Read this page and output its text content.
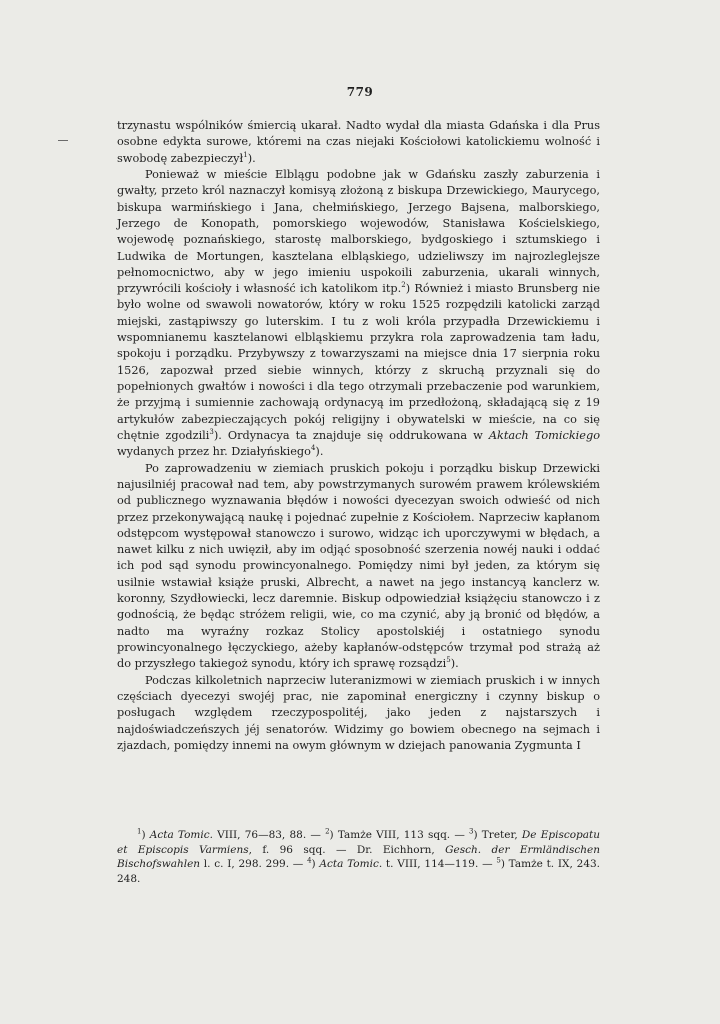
779

trzynastu wspólników śmiercią ukarał. Nadto wydał dla miasta Gdańska i dla Prus osobne edykta surowe, któremi na czas niejaki Kościołowi katolickiemu wolność i swobodę zabezpieczył$^1$).

Ponieważ w mieście Elblągu podobne jak w Gdańsku zaszły zaburzenia i gwałty, przeto król naznaczył komisyą złożoną z biskupa Drzewickiego, Maurycego, biskupa warmińskiego i Jana, chełmińskiego, Jerzego Bajsena, malborskiego, Jerzego de Konopath, pomorskiego wojewodów, Stanisława Kościelskiego, wojewodę poznańskiego, starostę malborskiego, bydgoskiego i sztumskiego i Ludwika de Mortungen, kasztelana elbląskiego, udzieliwszy im najrozleglejsze pełnomocnictwo, aby w jego imieniu uspokoili zaburzenia, ukarali winnych, przywrócili kościoły i własność ich katolikom itp.$^2$) Również i miasto Brunsberg nie było wolne od swawoli nowatorów, który w roku 1525 rozpędzili katolicki zarząd miejski, zastąpiwszy go luterskim. I tu z woli króla przypadła Drzewickiemu i wspomnianemu kasztelanowi elbląskiemu przykra rola zaprowadzenia tam ładu, spokoju i porządku. Przybywszy z towarzyszami na miejsce dnia 17 sierpnia roku 1526, zapozwał przed siebie winnych, którzy z skruchą przyznali się do popełnionych gwałtów i nowości i dla tego otrzymali przebaczenie pod warunkiem, że przyjmą i sumiennie zachowają ordynacyą im przedłożoną, składającą się z 19 artykułów zabezpieczających pokój religijny i obywatelski w mieście, na co się chętnie zgodzili$^3$). Ordynacya ta znajduje się oddrukowana w Aktach Tomickiego wydanych przez hr. Działyńskiego$^4$).

Po zaprowadzeniu w ziemiach pruskich pokoju i porządku biskup Drzewicki najusilniéj pracował nad tem, aby powstrzymanych surowém prawem królewskiém od publicznego wyznawania błędów i nowości dyecezyan swoich odwieść od nich przez przekonywającą naukę i pojednać zupełnie z Kościołem. Naprzeciw kapłanom odstępcom występował stanowczo i surowo, widząc ich uporczywymi w błędach, a nawet kilku z nich uwięził, aby im odjąć sposobność szerzenia nowéj nauki i oddać ich pod sąd synodu prowincyonalnego. Pomiędzy nimi był jeden, za którym się usilnie wstawiał książe pruski, Albrecht, a nawet na jego instancyą kanclerz w. koronny, Szydłowiecki, lecz daremnie. Biskup odpowiedział książęciu stanowczo i z godnością, że będąc stróżem religii, wie, co ma czynić, aby ją bronić od błędów, a nadto ma wyraźny rozkaz Stolicy apostolskiéj i ostatniego synodu prowincyonalnego łęczyckiego, ażeby kapłanów-odstępców trzymał pod strażą aż do przyszłego takiegoż synodu, który ich sprawę rozsądzi$^5$).

Podczas kilkoletnich naprzeciw luteranizmowi w ziemiach pruskich i w innych częściach dyecezyi swojéj prac, nie zapominał energiczny i czynny biskup o posługach względem rzeczypospolitéj, jako jeden z najstarszych i najdoświadczeńszych jéj senatorów. Widzimy go bowiem obecnego na sejmach i zjazdach, pomiędzy innemi na owym głównym w dziejach panowania Zygmunta I

$^1$) Acta Tomic. VIII, 76—83, 88. — $^2$) Tamże VIII, 113 sqq. — $^3$) Treter, De Episcopatu et Episcopis Varmiens, f. 96 sqq. — Dr. Eichhorn, Gesch. der Ermländischen Bischofswahlen l. c. I, 298. 299. — $^4$) Acta Tomic. t. VIII, 114—119. — $^5$) Tamże t. IX, 243. 248.
